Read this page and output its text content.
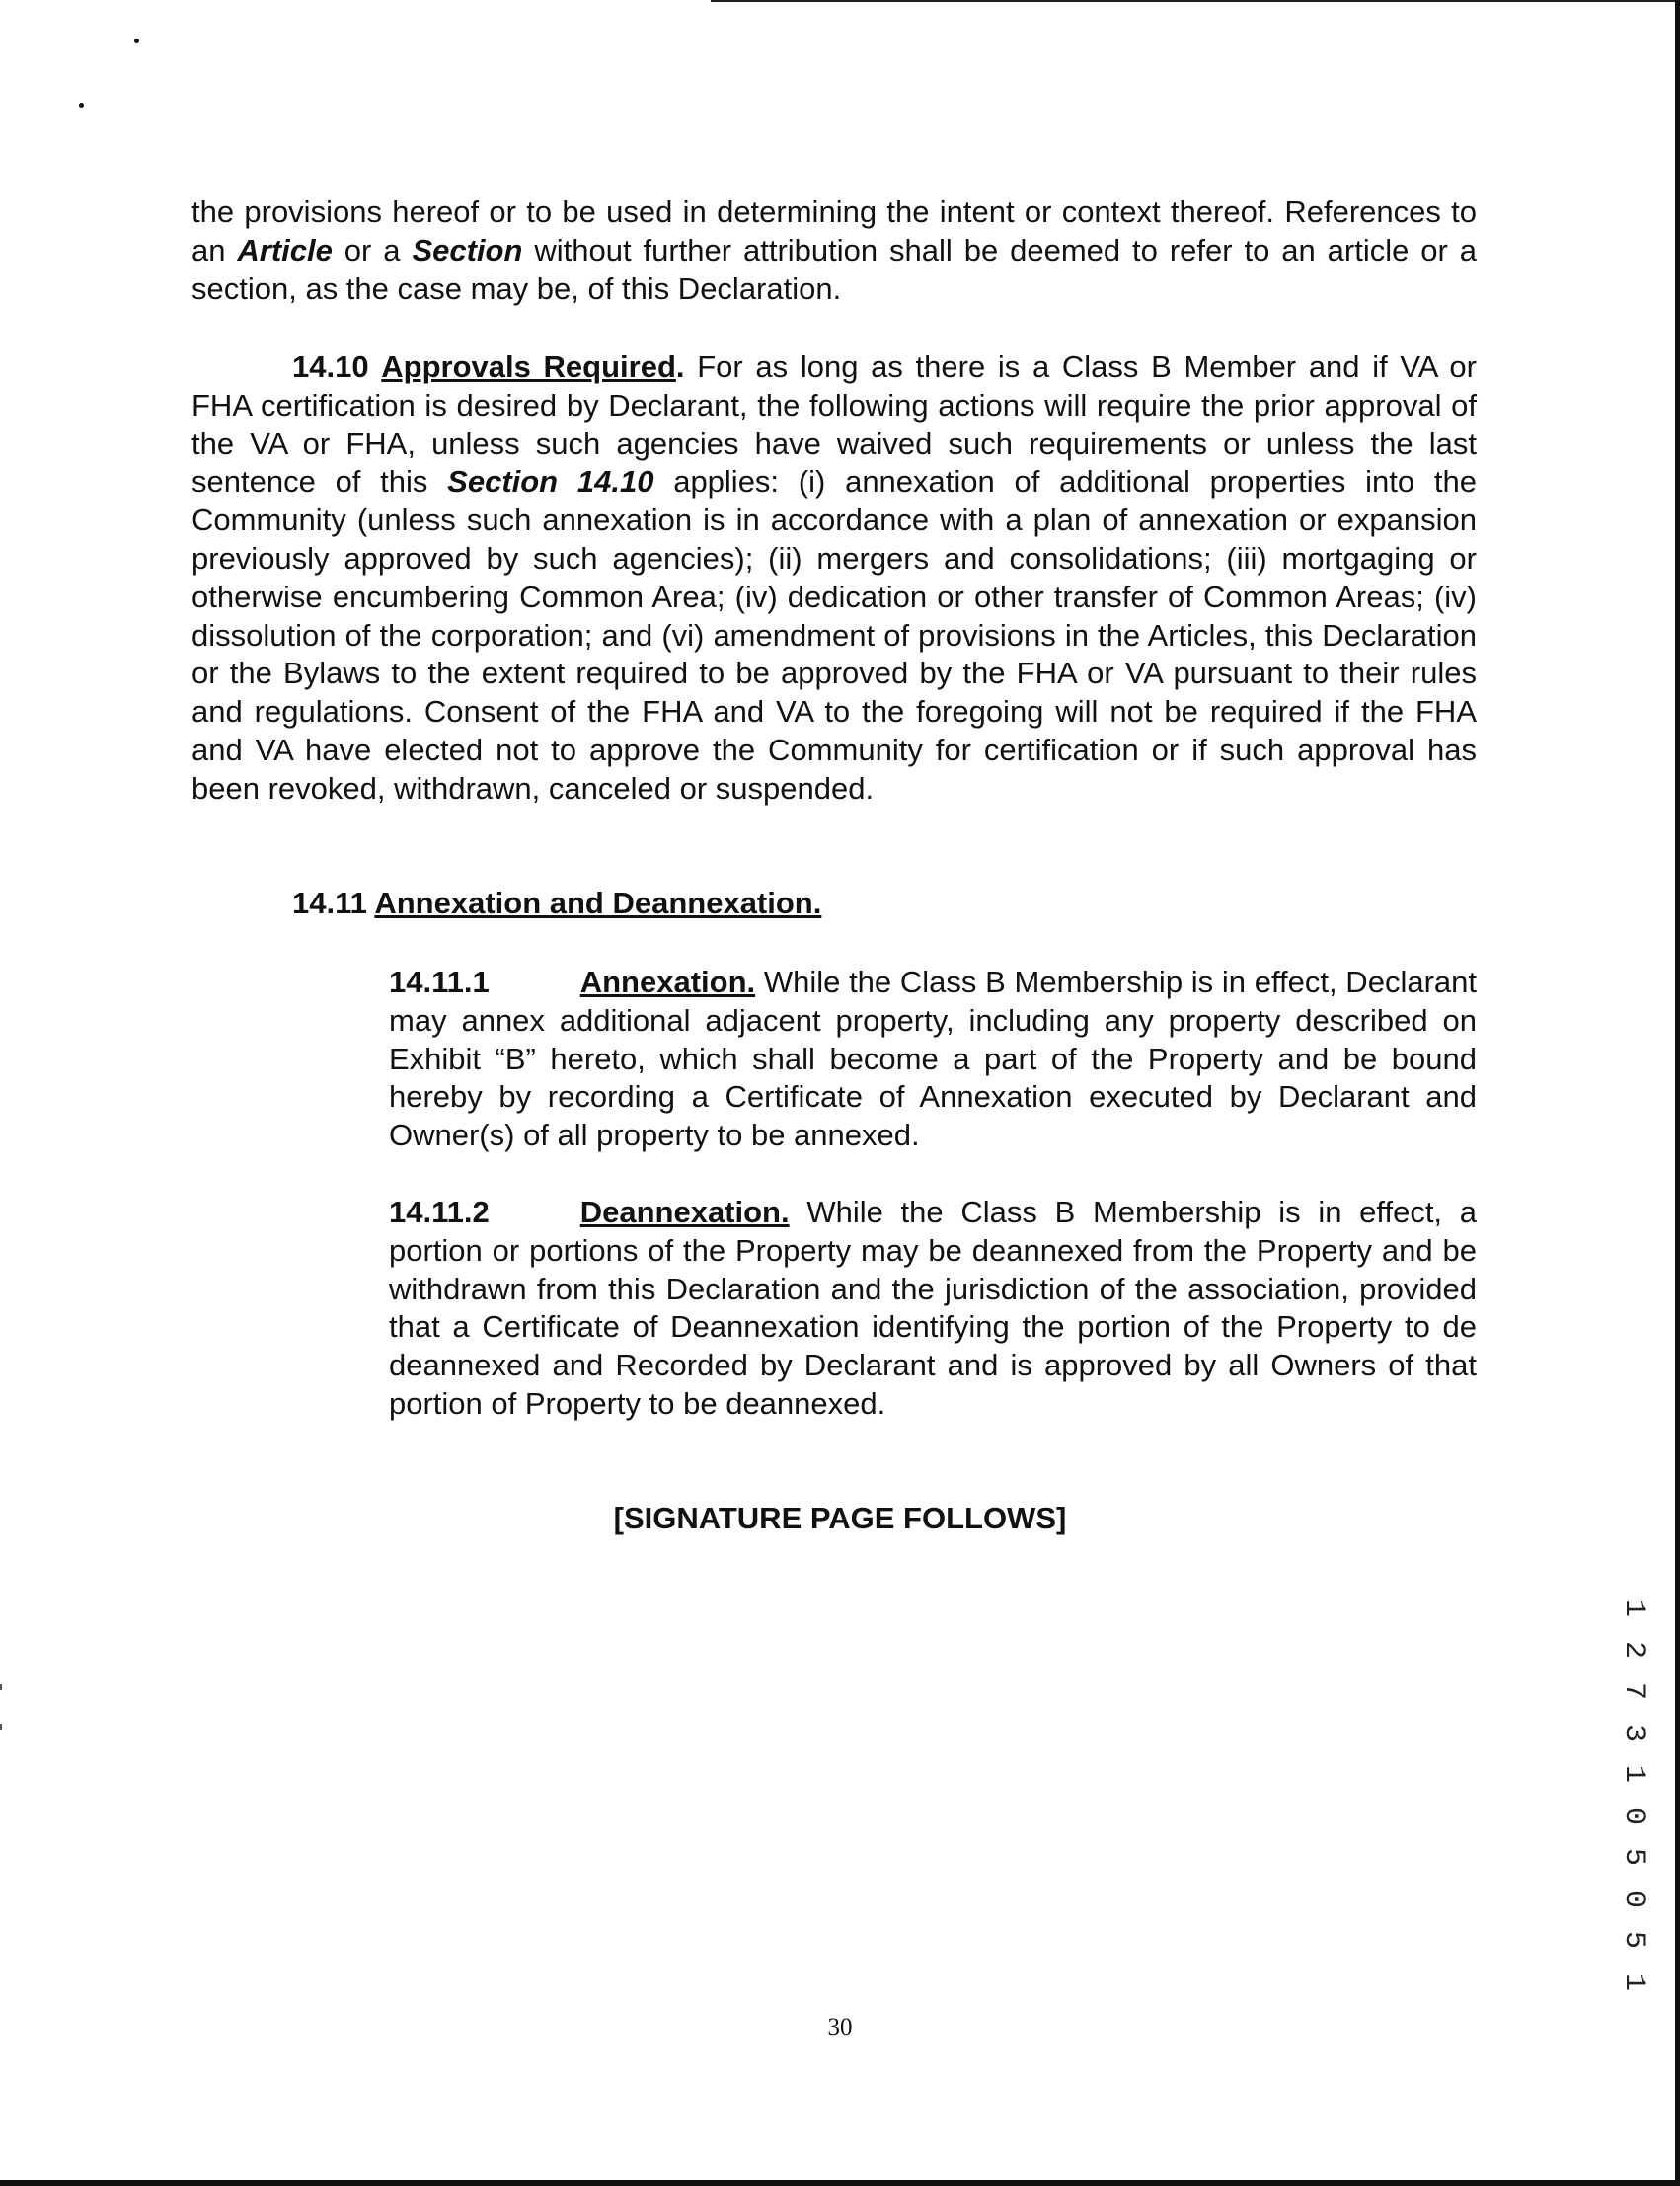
the provisions hereof or to be used in determining the intent or context thereof. References to an Article or a Section without further attribution shall be deemed to refer to an article or a section, as the case may be, of this Declaration.

14.10 Approvals Required. For as long as there is a Class B Member and if VA or FHA certification is desired by Declarant, the following actions will require the prior approval of the VA or FHA, unless such agencies have waived such requirements or unless the last sentence of this Section 14.10 applies: (i) annexation of additional properties into the Community (unless such annexation is in accordance with a plan of annexation or expansion previously approved by such agencies); (ii) mergers and consolidations; (iii) mortgaging or otherwise encumbering Common Area; (iv) dedication or other transfer of Common Areas; (iv) dissolution of the corporation; and (vi) amendment of provisions in the Articles, this Declaration or the Bylaws to the extent required to be approved by the FHA or VA pursuant to their rules and regulations. Consent of the FHA and VA to the foregoing will not be required if the FHA and VA have elected not to approve the Community for certification or if such approval has been revoked, withdrawn, canceled or suspended.

14.11 Annexation and Deannexation.

14.11.1	Annexation. While the Class B Membership is in effect, Declarant may annex additional adjacent property, including any property described on Exhibit “B” hereto, which shall become a part of the Property and be bound hereby by recording a Certificate of Annexation executed by Declarant and Owner(s) of all property to be annexed.

14.11.2	Deannexation. While the Class B Membership is in effect, a portion or portions of the Property may be deannexed from the Property and be withdrawn from this Declaration and the jurisdiction of the association, provided that a Certificate of Deannexation identifying the portion of the Property to de deannexed and Recorded by Declarant and is approved by all Owners of that portion of Property to be deannexed.

[SIGNATURE PAGE FOLLOWS]

1 2 7 3 1 0 5 0 5 1

30
